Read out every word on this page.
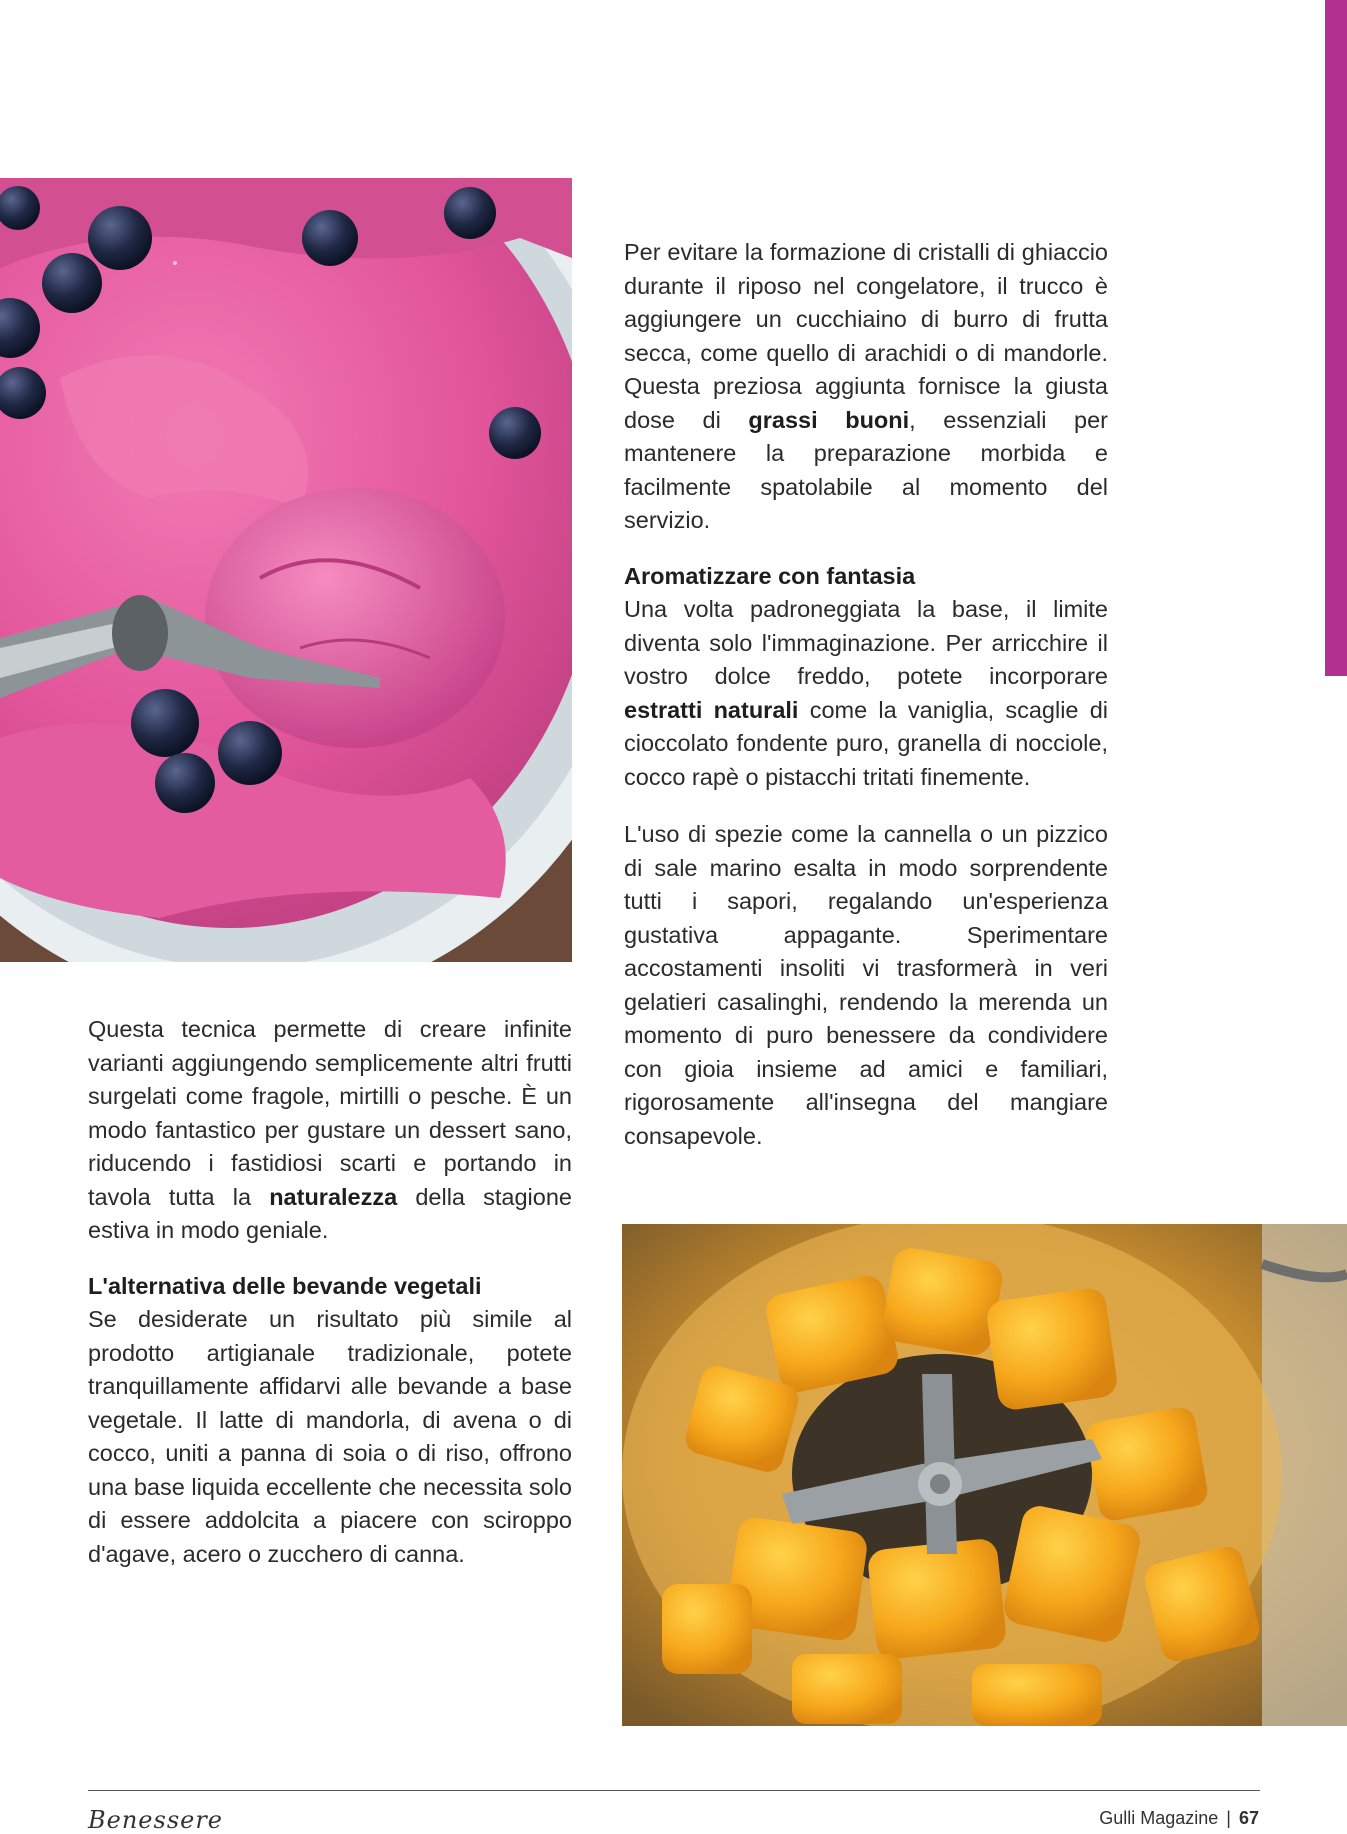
Per evitare la formazione di cristalli di ghiaccio durante il riposo nel congelatore, il trucco è aggiungere un cucchiaino di burro di frutta secca, come quello di arachidi o di mandorle. Questa preziosa aggiunta fornisce la giusta dose di grassi buoni, essenziali per mantenere la preparazione morbida e facilmente spatolabile al momento del servizio.

Aromatizzare con fantasia

Una volta padroneggiata la base, il limite diventa solo l'immaginazione. Per arricchire il vostro dolce freddo, potete incorporare estratti naturali come la vaniglia, scaglie di cioccolato fondente puro, granella di nocciole, cocco rapè o pistacchi tritati finemente.

L'uso di spezie come la cannella o un pizzico di sale marino esalta in modo sorprendente tutti i sapori, regalando un'esperienza gustativa appagante. Sperimentare accostamenti insoliti vi trasformerà in veri gelatieri casalinghi, rendendo la merenda un momento di puro benessere da condividere con gioia insieme ad amici e familiari, rigorosamente all'insegna del mangiare consapevole.

Questa tecnica permette di creare infinite varianti aggiungendo semplicemente altri frutti surgelati come fragole, mirtilli o pesche. È un modo fantastico per gustare un dessert sano, riducendo i fastidiosi scarti e portando in tavola tutta la naturalezza della stagione estiva in modo geniale.

L'alternativa delle bevande vegetali

Se desiderate un risultato più simile al prodotto artigianale tradizionale, potete tranquillamente affidarvi alle bevande a base vegetale. Il latte di mandorla, di avena o di cocco, uniti a panna di soia o di riso, offrono una base liquida eccellente che necessita solo di essere addolcita a piacere con sciroppo d'agave, acero o zucchero di canna.

Benessere	Gulli Magazine | 67
